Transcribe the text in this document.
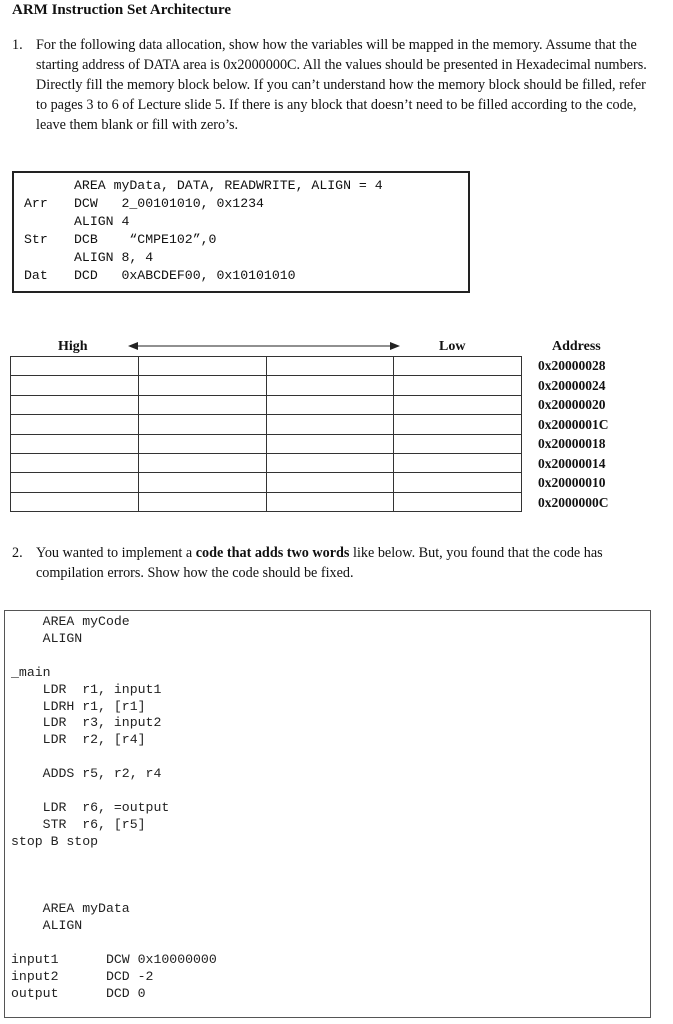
ARM Instruction Set Architecture
1. For the following data allocation, show how the variables will be mapped in the memory. Assume that the starting address of DATA area is 0x2000000C. All the values should be presented in Hexadecimal numbers. Directly fill the memory block below. If you can’t understand how the memory block should be filled, refer to pages 3 to 6 of Lecture slide 5. If there is any block that doesn’t need to be filled according to the code, leave them blank or fill with zero’s.
AREA myData, DATA, READWRITE, ALIGN = 4
Arr DCW   2_00101010, 0x1234
ALIGN 4
Str DCB    “CMPE102”,0
ALIGN 8, 4
Dat DCD   0xABCDEF00, 0x10101010
High	Low	Address

0x20000028
0x20000024
0x20000020
0x2000001C
0x20000018
0x20000014
0x20000010
0x2000000C
2. You wanted to implement a code that adds two words like below. But, you found that the code has compilation errors. Show how the code should be fixed.
AREA myCode
ALIGN
_main
LDR  r1, input1
LDRH r1, [r1]
LDR  r3, input2
LDR  r2, [r4]
ADDS r5, r2, r4
LDR  r6, =output
STR  r6, [r5]
stop B stop
AREA myData
ALIGN
input1      DCW 0x10000000
input2      DCD -2
output      DCD 0
